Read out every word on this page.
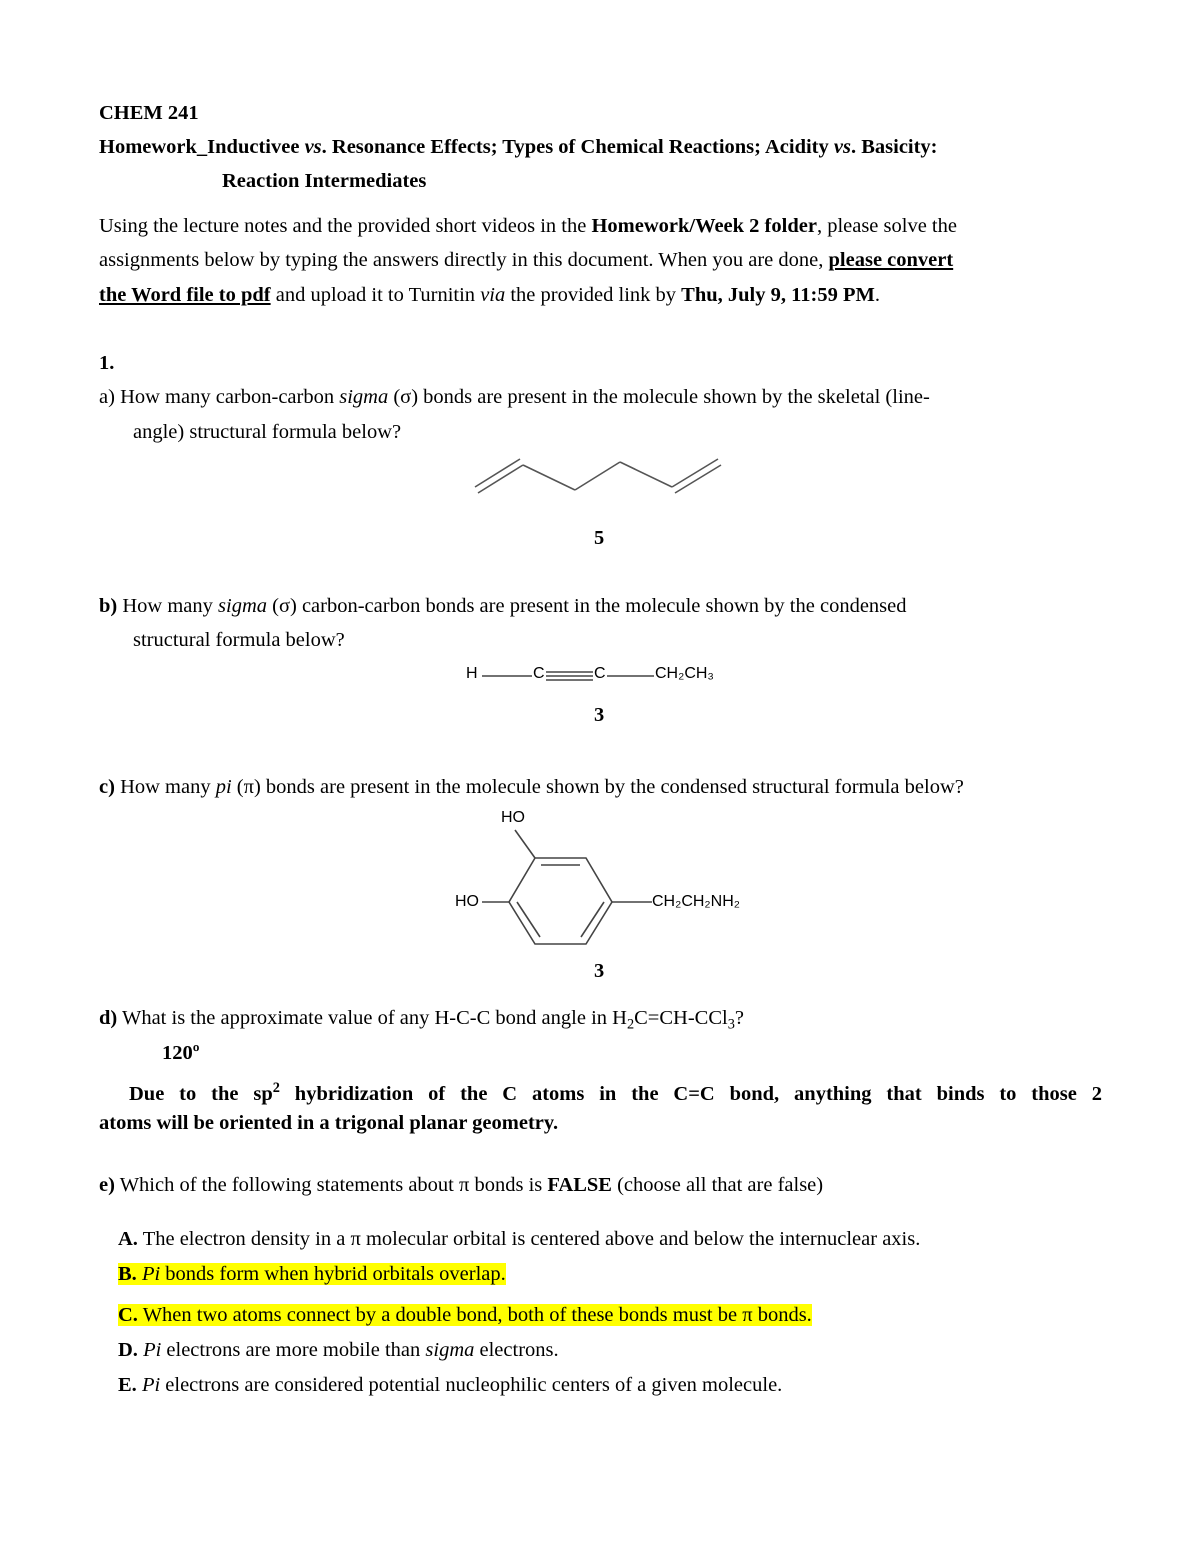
CHEM 241
Homework_Inductivee vs. Resonance Effects; Types of Chemical Reactions; Acidity vs. Basicity:
Reaction Intermediates
Using the lecture notes and the provided short videos in the Homework/Week 2 folder, please solve the
assignments below by typing the answers directly in this document. When you are done, please convert
the Word file to pdf and upload it to Turnitin via the provided link by Thu, July 9, 11:59 PM.
1.
a) How many carbon-carbon sigma (σ) bonds are present in the molecule shown by the skeletal (line-
angle) structural formula below?
5
b) How many sigma (σ) carbon-carbon bonds are present in the molecule shown by the condensed
structural formula below?
H	C	C	CH₂CH₃
3
c) How many pi (π) bonds are present in the molecule shown by the condensed structural formula below?
HO
HO	CH₂CH₂NH₂
3
d) What is the approximate value of any H-C-C bond angle in $H_2C=CH-CCl_3$?
120º
Due to the $sp^2$ hybridization of the C atoms in the C=C bond, anything that binds to those 2
atoms will be oriented in a trigonal planar geometry.
e) Which of the following statements about π bonds is FALSE (choose all that are false)
A. The electron density in a π molecular orbital is centered above and below the internuclear axis.
B. Pi bonds form when hybrid orbitals overlap.
C. When two atoms connect by a double bond, both of these bonds must be π bonds.
D. Pi electrons are more mobile than sigma electrons.
E. Pi electrons are considered potential nucleophilic centers of a given molecule.
